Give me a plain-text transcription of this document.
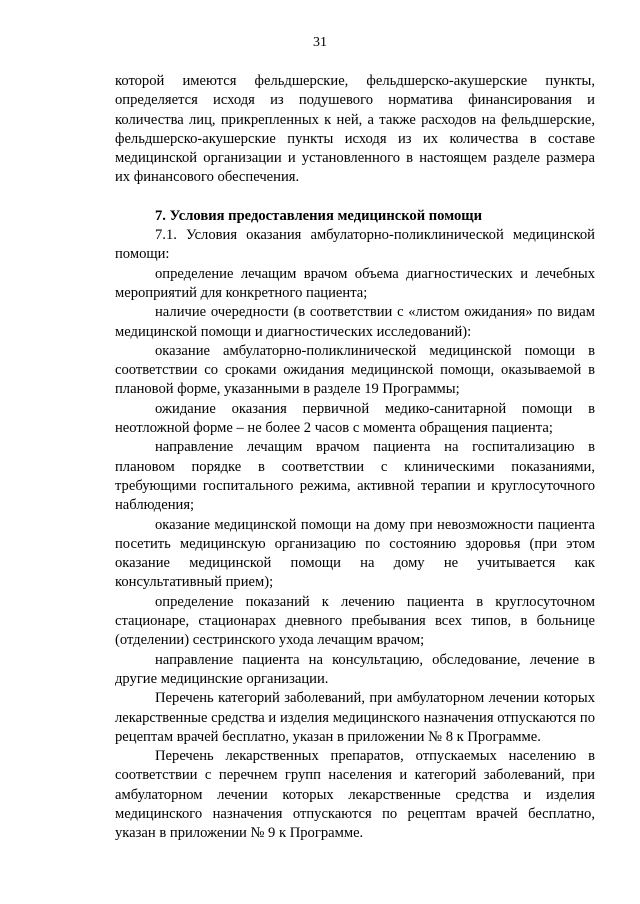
31

которой имеются фельдшерские, фельдшерско-акушерские пункты, определяется исходя из подушевого норматива финансирования и количества лиц, прикрепленных к ней, а также расходов на фельдшерские, фельдшерско-акушерские пункты исходя из их количества в составе медицинской организации и установленного в настоящем разделе размера их финансового обеспечения.

7. Условия предоставления медицинской помощи

7.1. Условия оказания амбулаторно-поликлинической медицинской помощи:

определение лечащим врачом объема диагностических и лечебных мероприятий для конкретного пациента;

наличие очередности (в соответствии с «листом ожидания» по видам медицинской помощи и диагностических исследований):

оказание амбулаторно-поликлинической медицинской помощи в соответствии со сроками ожидания медицинской помощи, оказываемой в плановой форме, указанными в разделе 19 Программы;

ожидание оказания первичной медико-санитарной помощи в неотложной форме – не более 2 часов с момента обращения пациента;

направление лечащим врачом пациента на госпитализацию в плановом порядке в соответствии с клиническими показаниями, требующими госпитального режима, активной терапии и круглосуточного наблюдения;

оказание медицинской помощи на дому при невозможности пациента посетить медицинскую организацию по состоянию здоровья (при этом оказание медицинской помощи на дому не учитывается как консультативный прием);

определение показаний к лечению пациента в круглосуточном стационаре, стационарах дневного пребывания всех типов, в больнице (отделении) сестринского ухода лечащим врачом;

направление пациента на консультацию, обследование, лечение в другие медицинские организации.

Перечень категорий заболеваний, при амбулаторном лечении которых лекарственные средства и изделия медицинского назначения отпускаются по рецептам врачей бесплатно, указан в приложении № 8 к Программе.

Перечень лекарственных препаратов, отпускаемых населению в соответствии с перечнем групп населения и категорий заболеваний, при амбулаторном лечении которых лекарственные средства и изделия медицинского назначения отпускаются по рецептам врачей бесплатно, указан в приложении № 9 к Программе.
